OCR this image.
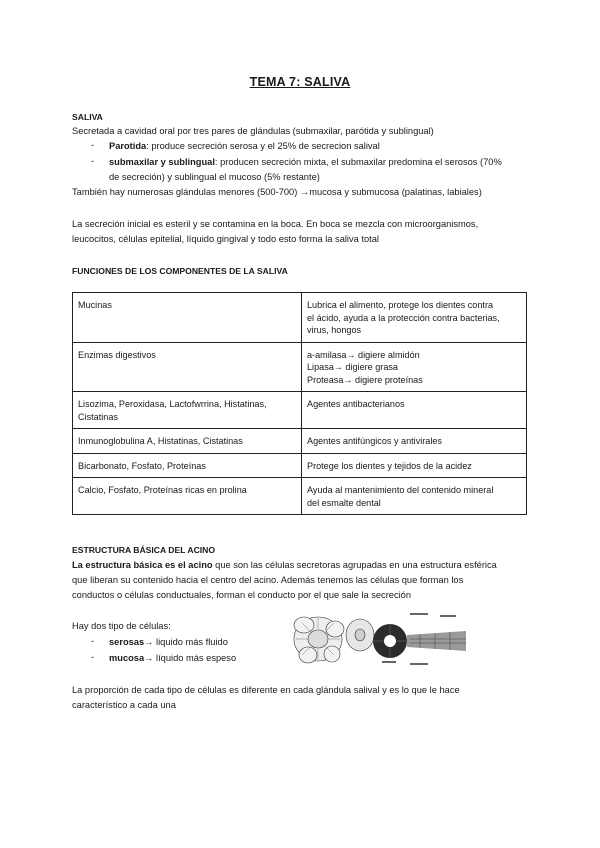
TEMA 7: SALIVA
SALIVA
Secretada a cavidad oral por tres pares de glándulas (submaxilar, parótida y sublingual)
- Parotida: produce secreción serosa y el 25% de secrecion salival
- submaxilar y sublingual: producen secreción mixta, el submaxilar predomina el serosos (70%
de secreción) y sublingual el mucoso (5% restante)
También hay numerosas glándulas menores (500-700) →mucosa y submucosa (palatinas, labiales)
La secreción inicial es esteril y se contamina en la boca. En boca se mezcla con microorganismos,
leucocitos, células epitelial, líquido gingival y todo esto forma la saliva total
FUNCIONES DE LOS COMPONENTES DE LA SALIVA
Mucinas	Lubrica el alimento, protege los dientes contra
el ácido, ayuda a la protección contra bacterias,
virus, hongos

Enzimas digestivos	a-amilasa→ digiere almidón
Lipasa→ digiere grasa
Proteasa→ digiere proteínas

Lisozima, Peroxidasa, Lactofwrrina, Histatinas,
Cistatinas	Agentes antibacterianos

Inmunoglobulina A, Histatinas, Cistatinas	Agentes antifúngicos y antivirales

Bicarbonato, Fosfato, Proteínas	Protege los dientes y tejidos de la acidez

Calcio, Fosfato, Proteínas ricas en prolina	Ayuda al mantenimiento del contenido mineral
del esmalte dental
ESTRUCTURA BÁSICA DEL ACINO
La estructura básica es el acino que son las células secretoras agrupadas en una estructura esférica
que liberan su contenido hacia el centro del acino. Además tenemos las células que forman los
conductos o células conductuales, forman el conducto por el que sale la secreción
Hay dos tipo de células:
- serosas→ liquido más fluido
- mucosa→ líquido más espeso
La proporción de cada tipo de células es diferente en cada glándula salival y es lo que le hace
característico a cada una
